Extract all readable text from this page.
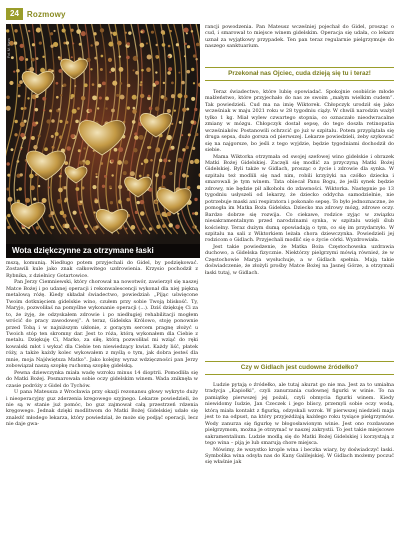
24	Rozmowy
Fot. M. Hass
Wota dziękczynne za otrzymane łaski

mszą, komunią. Niedługo potem przyjechali do Gidel, by podziękować. Zostawili kule jako znak całkowitego uzdrowienia. Krzysio pochodził z Rybnika, z dzielnicy Gotartowice.

Pan Jerzy Ciemniewski, który chorował na nowotwór, zawierzył się naszej Matce Bożej i po udanej operacji i rekonwalescencji wykonał dla niej piękną metalową różę. Kiedy składał świadectwo, powiedział: „Pijąc uświęcone Twoim dotknięciem gidelskie wino, czułem przy sobie Twoją bliskość. Ty, Maryjo, pozwoliłaś na pomyślne wykonanie operacji (...). Dziś dziękuję Ci za to, że żyję, że odzyskałem zdrowie i po niedługiej rehabilitacji mogłem wrócić do pracy zawodowej”. A teraz, Gidelska Królowo, stoję ponownie przed Tobą i w najniższym ukłonie, z gorącym sercem pragnę złożyć u Twoich stóp ten skromny dar. Jest to róża, którą wykonałem dla Ciebie z metalu. Dziękuję Ci, Marko, za siłę, którą pozwoliłaś mi wziąć do ręki kowalski młot i wykuć dla Ciebie ten niewiedzący kwiat. Każdy liść, płatek róży, a także każdy kolec wykowałem z myślą o tym, jak dobra jesteś dla mnie, moja Najświętsza Matko”. Jako kolejny wyraz wdzięczności pan Jerzy zobowiązał naszą szopkę ruchomą szopkę gidelską.

Pewna dziewczynka miała wadę wzroku minus 14 dioptrii. Pomodliła się do Matki Bożej. Posmarowała sobie oczy gidelskim winem. Wada zniknęła w czasie podróży z Gidel do Tychów.

U pana Mateusza z Wrocławia przy okazji rezonansu głowy wykryto duży i nieoperacyjny guz zderzenia kregowego szyjnego. Lekarze powiedzieli, że nie są w stanie już pomóc, bo guz zajmował całą przestrzeń rdzenia kręgowego. Jednak dzięki modlitwom do Matki Bożej Gidelskiej udało się znaleźć młodego lekarza, który powiedział, że może się podjąć operacji, lecz nie daje gwa-

rancji powodzenia. Pan Mateusz wcześniej pojechał do Gidel, prosząc o cud, i smarował to miejsce winem gidelskim. Operacja się udała, co lekarz uznał za wyjątkowy przypadek. Ten pan teraz regularnie pielgrzymuje do naszego sanktuarium.

Przekonał nas Ojciec, cuda dzieją się tu i teraz!

Teraz świadectwo, które lubię opowiadać. Spokojnie osobiście młode małżeństwo, które przyjechało do nas ze swoim „małym wielkim cudem”. Tak powiedzieli. Cud ma na imię Wiktorek. Chłopczyk urodził się jako wcześniak w maju 2021 roku w 28 tygodniu ciąży. W chwili narodzin ważył tylko 1 kg. Miał wylew czwartego stopnia, co oznaczało nieodwracalne zmiany w mózgu. Chłopczyk dostał sepsę, do tego doszła retinopatia wcześniaków. Postanowili ochrzcić go już w szpitalu. Potem przyplątała się druga sepsa, dużo gorsza od pierwszej. Lekarze powiedzieli, żeby szykować się na najgorsze, bo jeśli z tego wyjdzie, będzie tygodniami dochodził do siebie.

Mama Wiktorka otrzymała od swojej szefowej wino gidelskie i obrazek Matki Bożej Gidelskiej. Zaczęli się modlić za przyczyną Matki Bożej Gidelskiej. Byli także w Gidlach, prosząc o życie i zdrowie dla synka. W szpitalu też modlili się nad nim, robili krzyżyki na czółko dziecka i smarowali je tym winem. Tata obiecał Panu Bogu, że jeśli synek będzie zdrowy, nie będzie pił alkoholu do zdawności. Wiktorka. Następnie po 13 tygodniu usłyszeli od lekarzy, że dziecko oddycha samodzielnie, nie potrzebuje maski ani respiratora i pokonało sepsę. To było jednoznaczne, że pomogła im Matka Boża Gidelska. Dziecko ma zdrowy mózg, zdrowe oczy. Bardzo dobrze się rozwija. Co ciekawe, rodzice zyjąc w związku niesakramentalnym przed narodzinami synka, w szpitalu wzięli ślub kościelny. Teraz dużym dumą opowiadają o tym, co się im przydarzyło. W szpitalu na sali z Wiktorkiem leżała chora dziewczynka. Powiedzieli jej rodzicom o Gidlach. Przyjechali modlić się o życie córki. Wyzdrowiała.

Jest takie powiedzenie, że Matka Boża Częstochowska uzdrawia duchowo, a Gidelska fizycznie. Niektórzy pielgrzymi mówią również, że w Częstochowie Maryja wysłuchuje, a w Gidlach spełnia. Mają takie doświadczenie, że złożyli prośby Matce Bożej na Jasnej Górze, a otrzymali łaski tutaj, w Gidlach.

Czy w Gidlach jest cudowne źródełko?

Ludzie pytają o źródełko, ale tutaj akurat go nie ma. Jest za to umiałna tradycja „Kapiołki”, czyli zanurzania cudownej figurki w winie. To na pamiątkę pierwszej jej pożali, czyli obmycia figurki winem. Kiedy niewidomy Iudzie, Jan Czeczek i jego bliscy, przemyli sobie oczy wodą, którą miała kontakt z figurką, odzyskali wzrok. W pierwszej niedzieli maja jest to na odpust, na który przyjeżdżają każdego roku tysiące pielgrzymów. Wody zanurza się figurkę w błogosławionym winie. Jest ono rozdawane pielgrzymom, można je otrzymać w naszej zakrystii. To jest takie miejscowe sakramentalium. Ludzie modlą się do Matki Bożej Gidelskiej i korzystają z tego wina – piją je lub smarują chore miejsca.

Mówimy, że wszystko krople wina i beczka wiary, by doświadczyć łaski. Symbolika wina odsyła nas do Kany Galilejskiej. W Gidlach możemy poczuć się właśnie jak
